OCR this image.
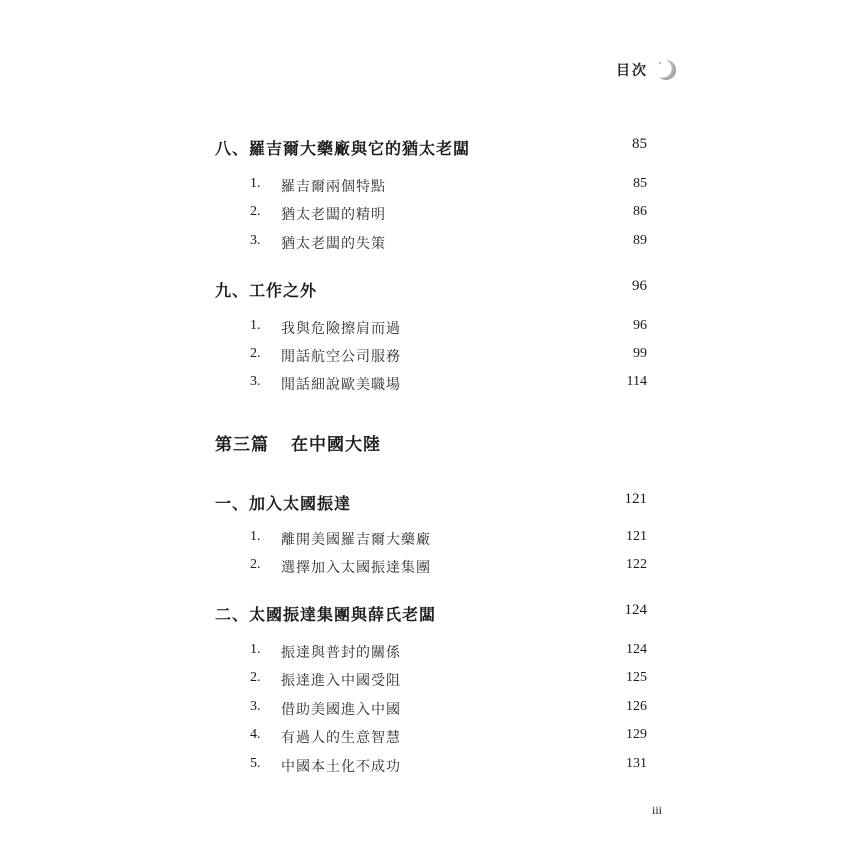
目次
八、羅吉爾大藥廠與它的猶太老闆	85
1. 羅吉爾兩個特點	85
2. 猶太老闆的精明	86
3. 猶太老闆的失策	89
九、工作之外	96
1. 我與危險擦肩而過	96
2. 閒話航空公司服務	99
3. 閒話細說歐美職場	114
第三篇 在中國大陸
一、加入太國振達	121
1. 離開美國羅吉爾大藥廠	121
2. 選擇加入太國振達集團	122
二、太國振達集團與薛氏老闆	124
1. 振達與普封的關係	124
2. 振達進入中國受阻	125
3. 借助美國進入中國	126
4. 有過人的生意智慧	129
5. 中國本土化不成功	131
iii
